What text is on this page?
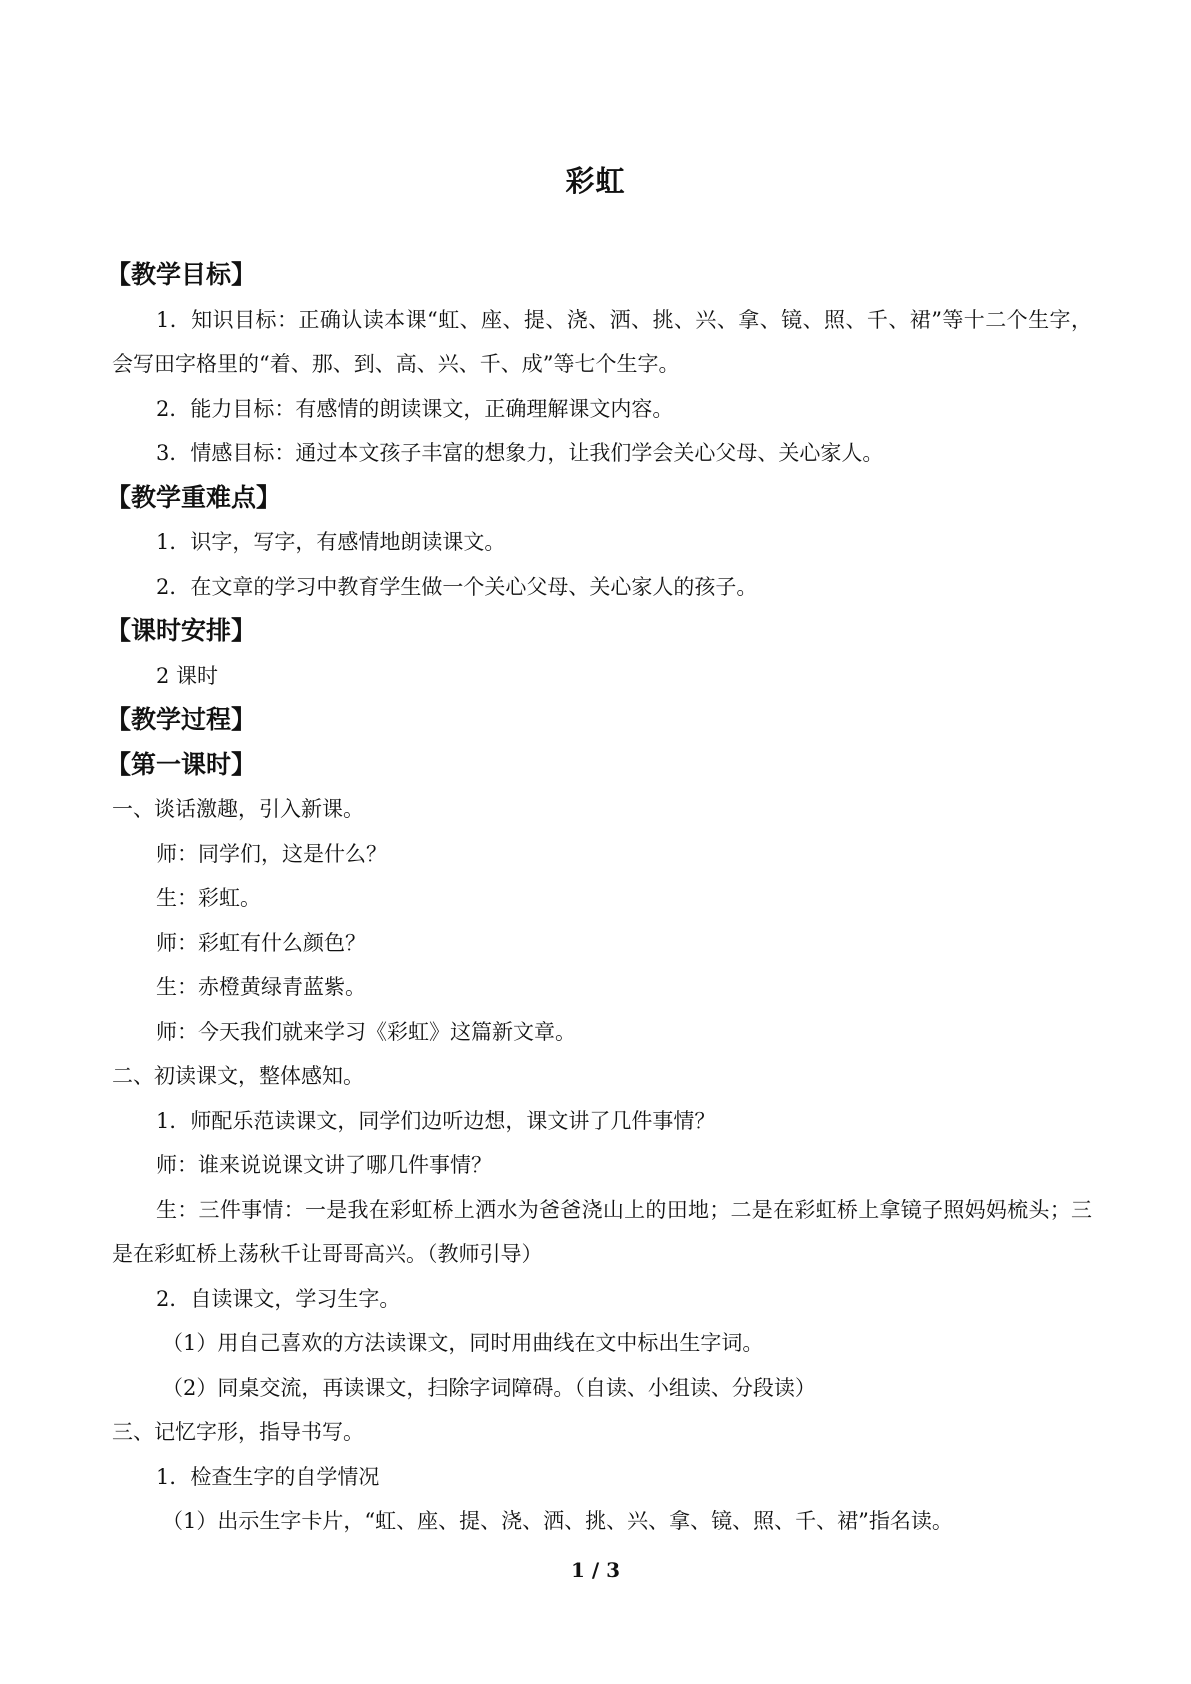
彩虹
【教学目标】
1．知识目标：正确认读本课“虹、座、提、浇、洒、挑、兴、拿、镜、照、千、裙”等十二个生字，会写田字格里的“着、那、到、高、兴、千、成”等七个生字。
2．能力目标：有感情的朗读课文，正确理解课文内容。
3．情感目标：通过本文孩子丰富的想象力，让我们学会关心父母、关心家人。
【教学重难点】
1．识字，写字，有感情地朗读课文。
2．在文章的学习中教育学生做一个关心父母、关心家人的孩子。
【课时安排】
2 课时
【教学过程】
【第一课时】
一、谈话激趣，引入新课。
师：同学们，这是什么？
生：彩虹。
师：彩虹有什么颜色？
生：赤橙黄绿青蓝紫。
师：今天我们就来学习《彩虹》这篇新文章。
二、初读课文，整体感知。
1．师配乐范读课文，同学们边听边想，课文讲了几件事情？
师：谁来说说课文讲了哪几件事情？
生：三件事情：一是我在彩虹桥上洒水为爸爸浇山上的田地；二是在彩虹桥上拿镜子照妈妈梳头；三是在彩虹桥上荡秋千让哥哥高兴。（教师引导）
2．自读课文，学习生字。
（1）用自己喜欢的方法读课文，同时用曲线在文中标出生字词。
（2）同桌交流，再读课文，扫除字词障碍。（自读、小组读、分段读）
三、记忆字形，指导书写。
1．检查生字的自学情况
（1）出示生字卡片，“虹、座、提、浇、洒、挑、兴、拿、镜、照、千、裙”指名读。
1 / 3
